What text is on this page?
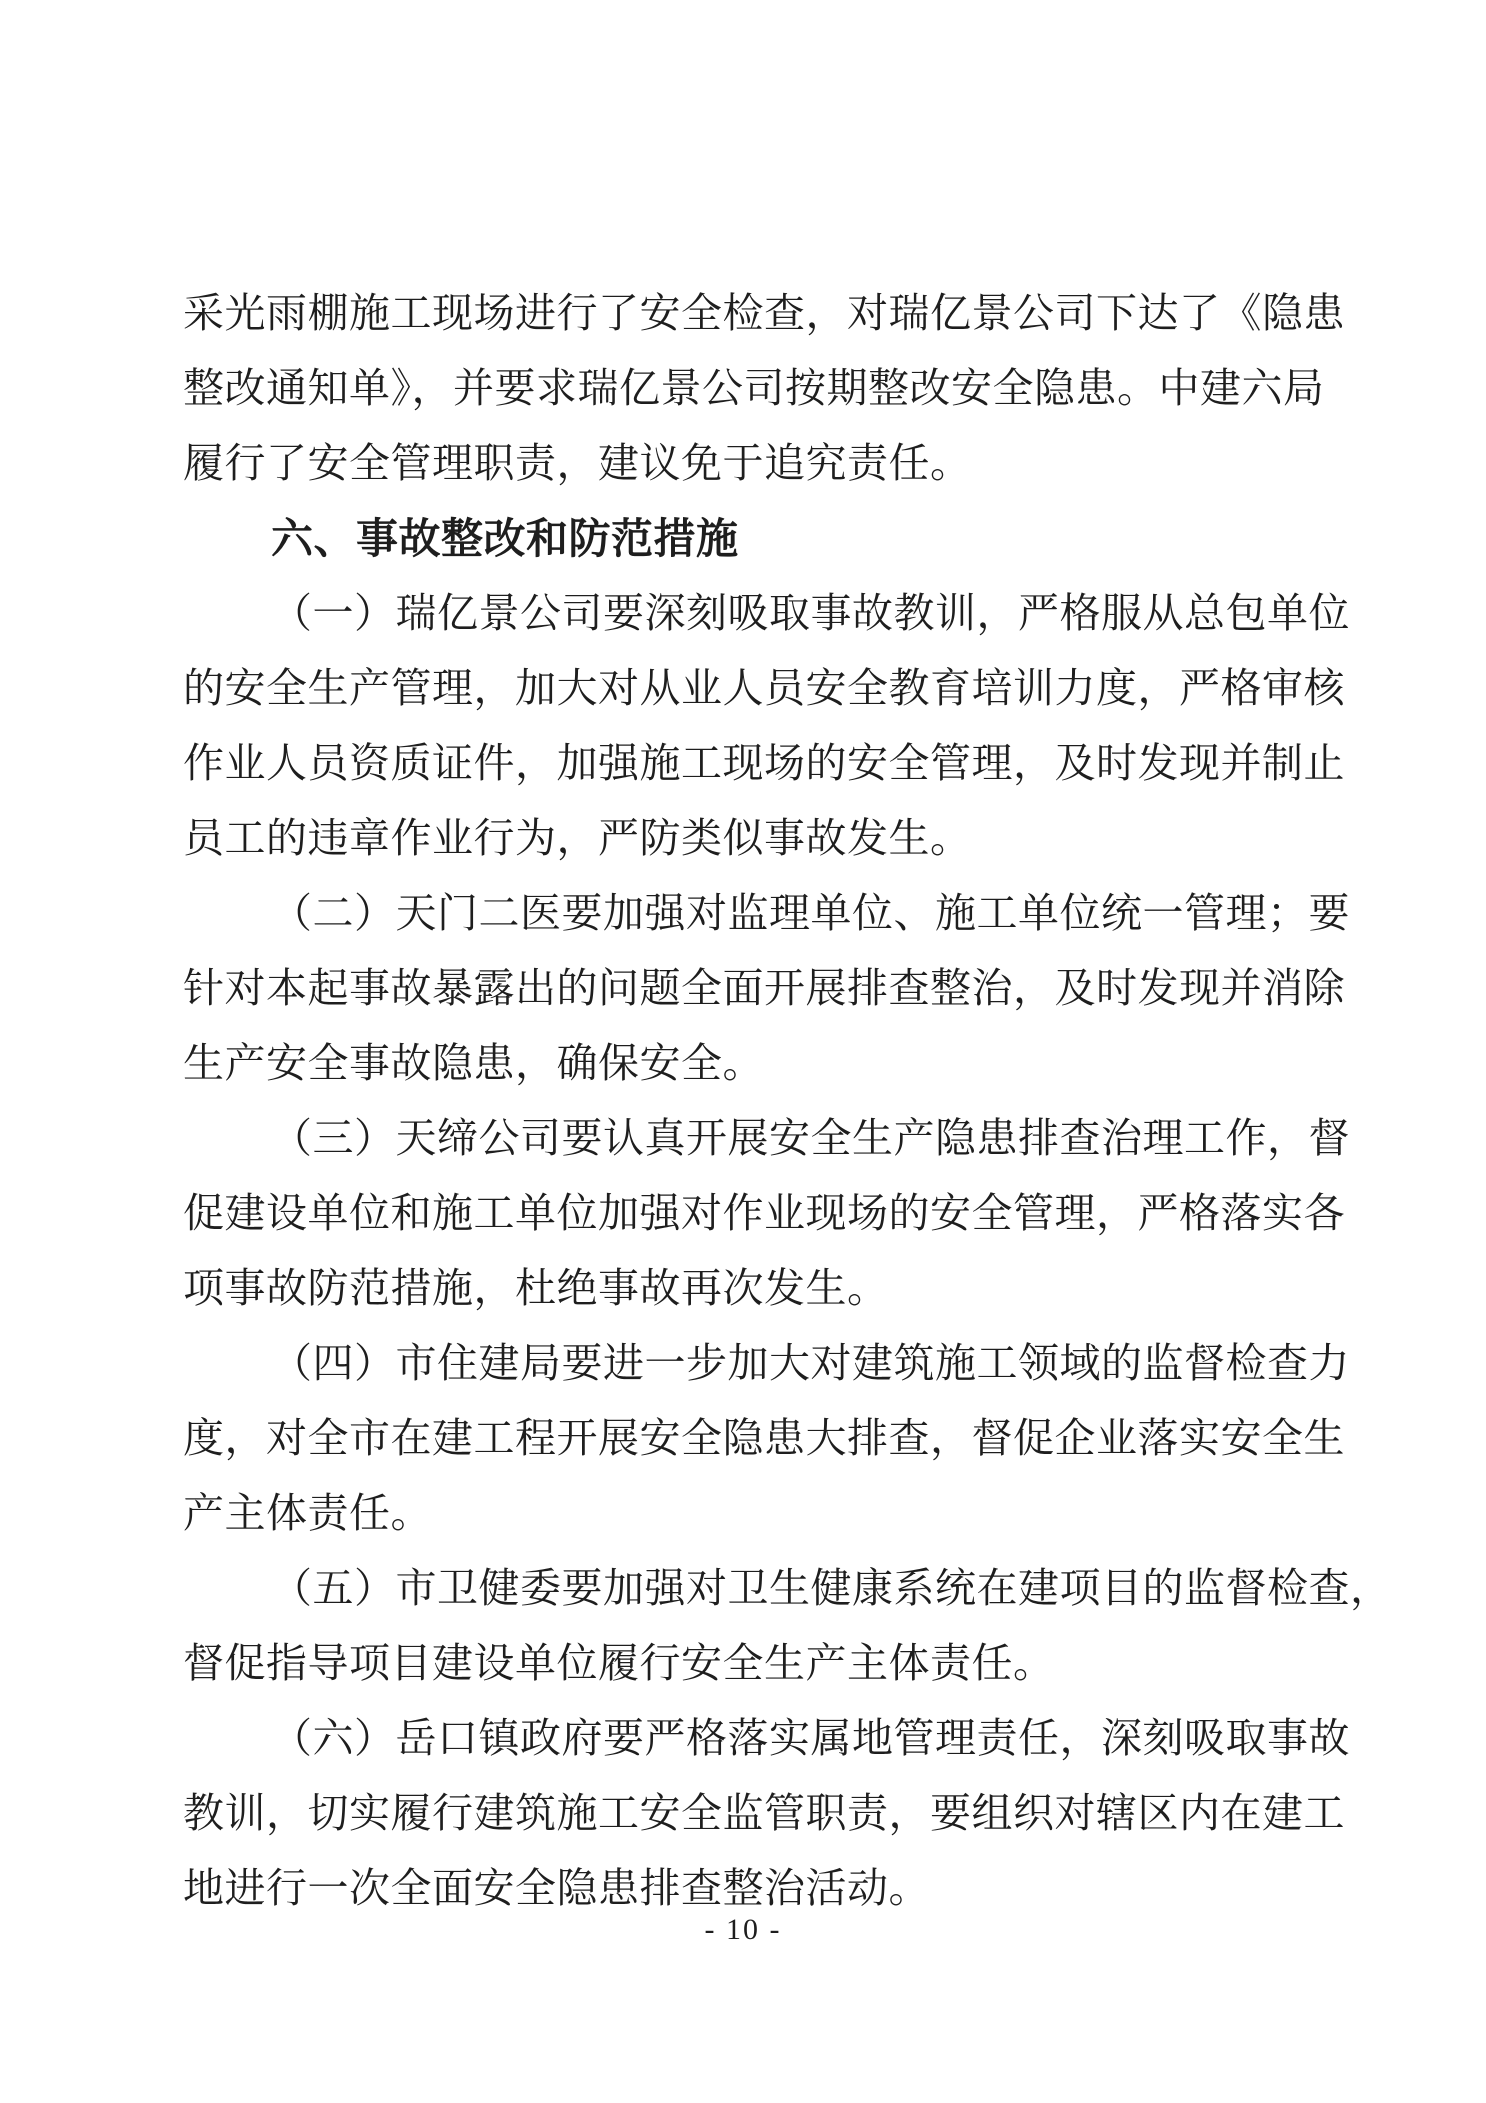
采光雨棚施工现场进行了安全检查，对瑞亿景公司下达了《隐患
整改通知单》，并要求瑞亿景公司按期整改安全隐患。中建六局
履行了安全管理职责，建议免于追究责任。
六、事故整改和防范措施
（一）瑞亿景公司要深刻吸取事故教训，严格服从总包单位
的安全生产管理，加大对从业人员安全教育培训力度，严格审核
作业人员资质证件，加强施工现场的安全管理，及时发现并制止
员工的违章作业行为，严防类似事故发生。
（二）天门二医要加强对监理单位、施工单位统一管理；要
针对本起事故暴露出的问题全面开展排查整治，及时发现并消除
生产安全事故隐患，确保安全。
（三）天缔公司要认真开展安全生产隐患排查治理工作，督
促建设单位和施工单位加强对作业现场的安全管理，严格落实各
项事故防范措施，杜绝事故再次发生。
（四）市住建局要进一步加大对建筑施工领域的监督检查力
度，对全市在建工程开展安全隐患大排查，督促企业落实安全生
产主体责任。
（五）市卫健委要加强对卫生健康系统在建项目的监督检查，
督促指导项目建设单位履行安全生产主体责任。
（六）岳口镇政府要严格落实属地管理责任，深刻吸取事故
教训，切实履行建筑施工安全监管职责，要组织对辖区内在建工
地进行一次全面安全隐患排查整治活动。
- 10 -
